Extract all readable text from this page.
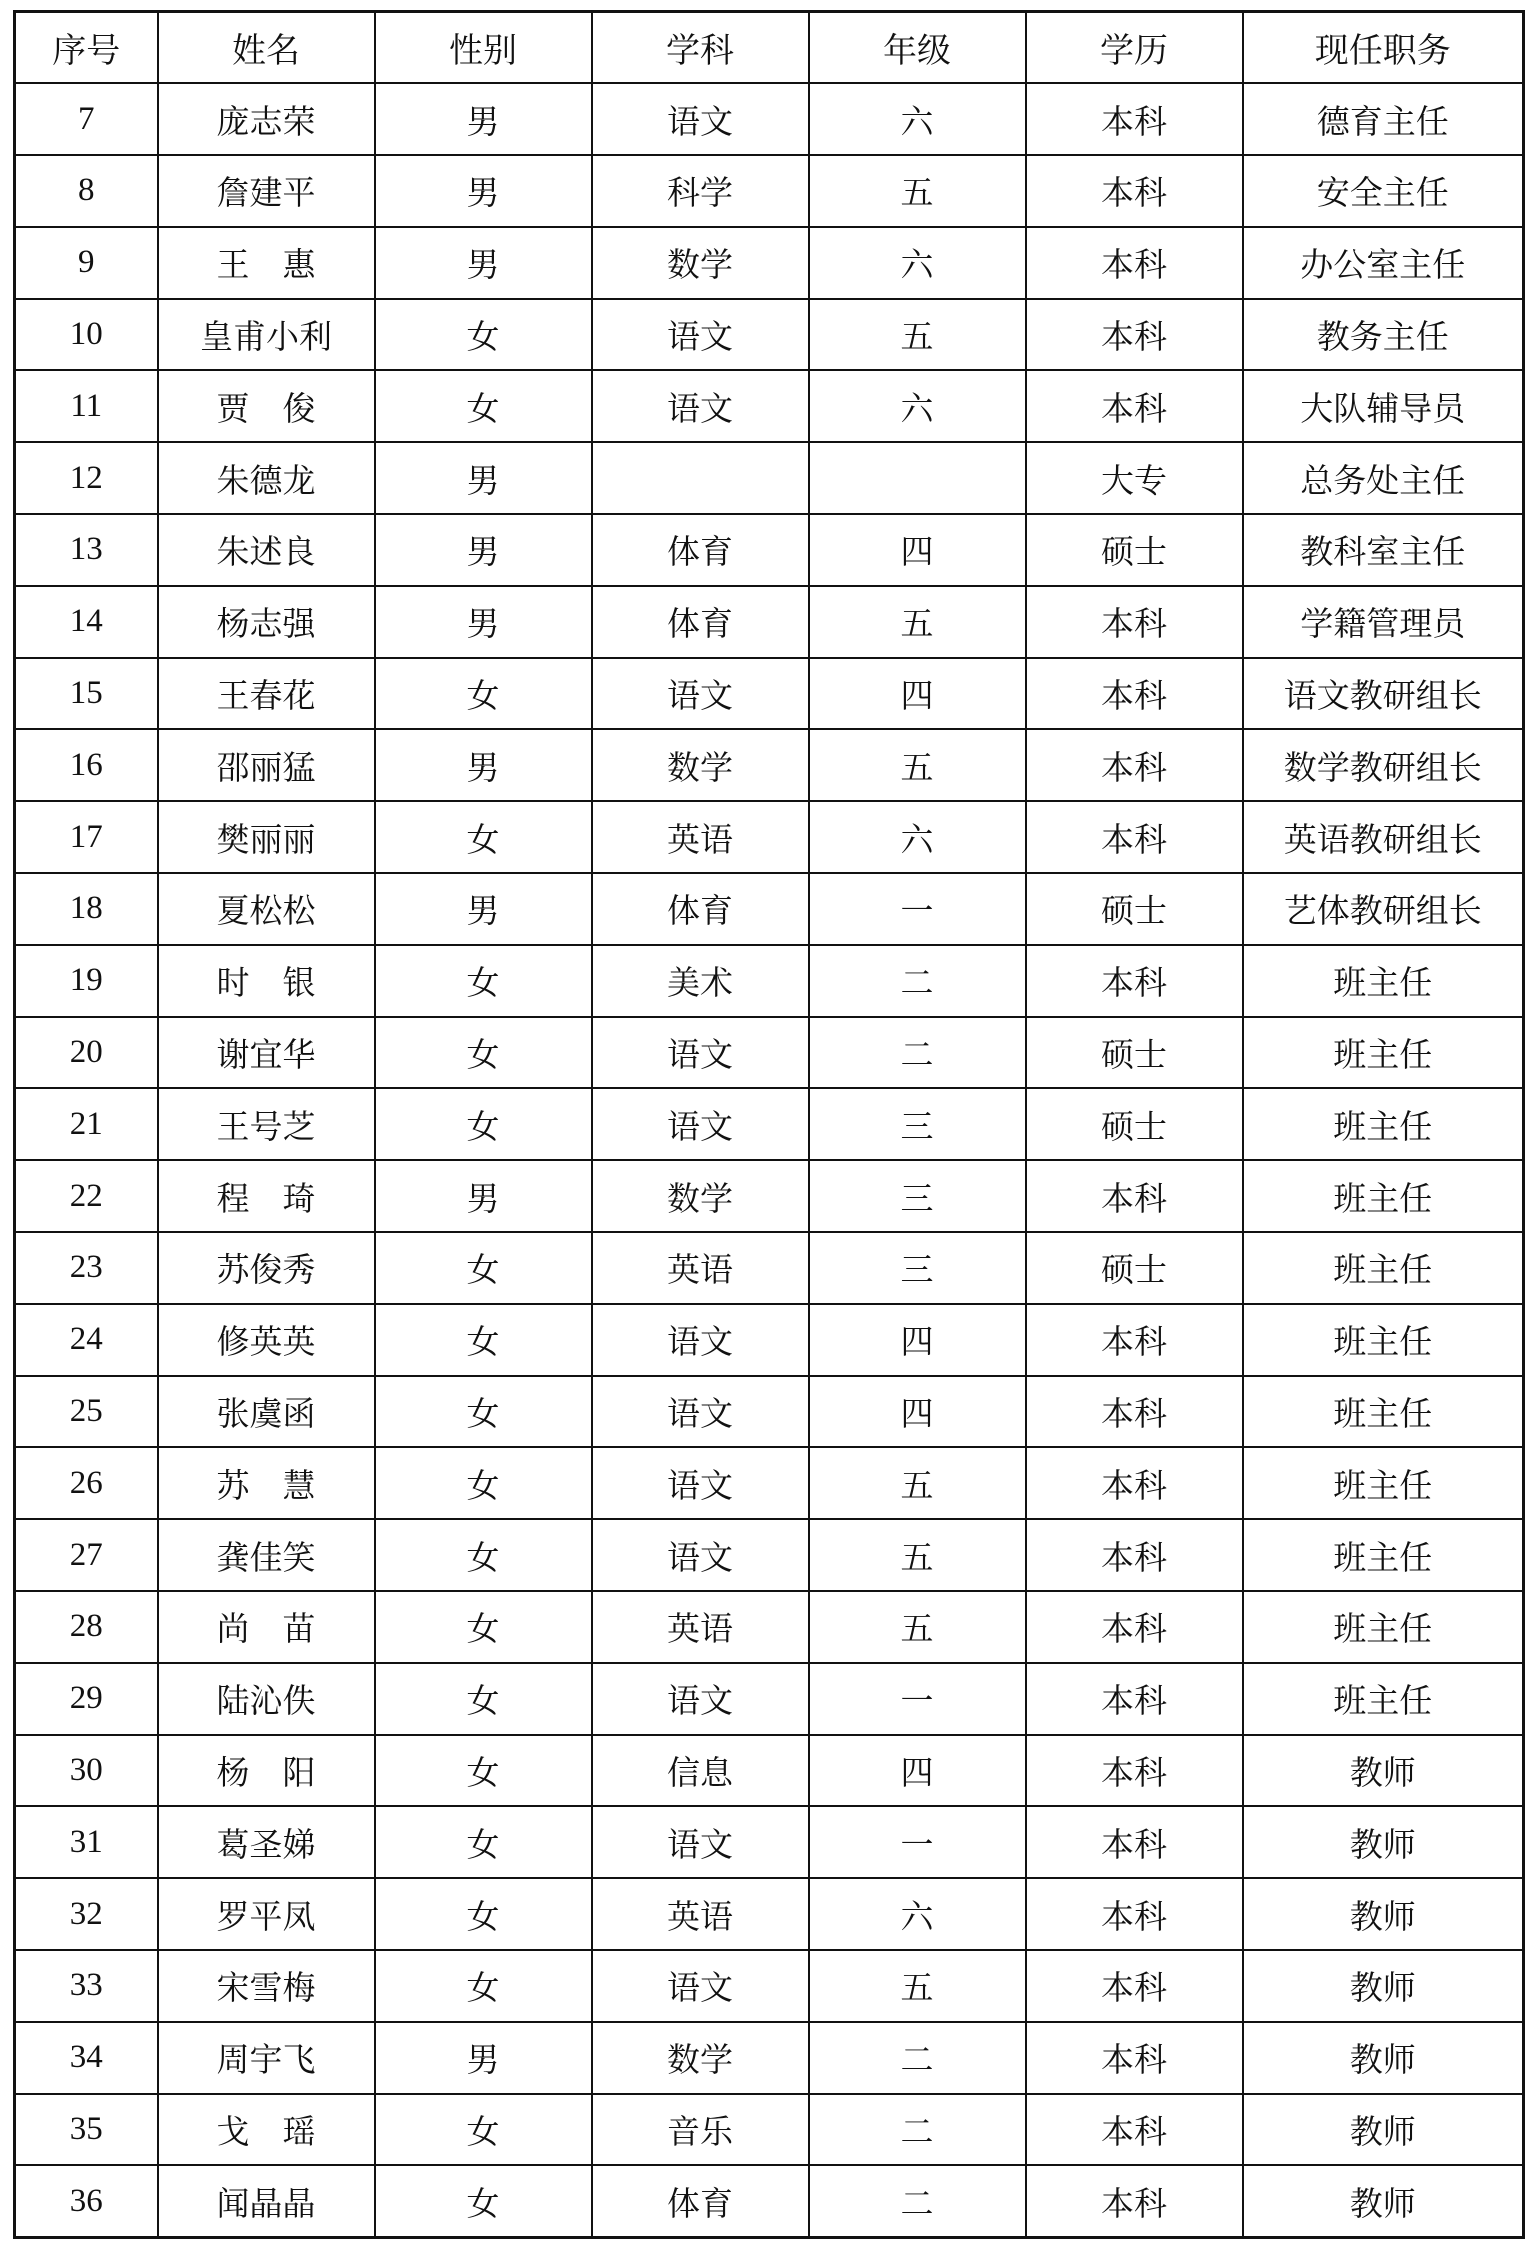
序号	姓名	性别	学科	年级	学历	现任职务
7	庞志荣	男	语文	六	本科	德育主任
8	詹建平	男	科学	五	本科	安全主任
9	王　惠	男	数学	六	本科	办公室主任
10	皇甫小利	女	语文	五	本科	教务主任
11	贾　俊	女	语文	六	本科	大队辅导员
12	朱德龙	男			大专	总务处主任
13	朱述良	男	体育	四	硕士	教科室主任
14	杨志强	男	体育	五	本科	学籍管理员
15	王春花	女	语文	四	本科	语文教研组长
16	邵丽猛	男	数学	五	本科	数学教研组长
17	樊丽丽	女	英语	六	本科	英语教研组长
18	夏松松	男	体育	一	硕士	艺体教研组长
19	时　银	女	美术	二	本科	班主任
20	谢宜华	女	语文	二	硕士	班主任
21	王号芝	女	语文	三	硕士	班主任
22	程　琦	男	数学	三	本科	班主任
23	苏俊秀	女	英语	三	硕士	班主任
24	修英英	女	语文	四	本科	班主任
25	张虞函	女	语文	四	本科	班主任
26	苏　慧	女	语文	五	本科	班主任
27	龚佳笑	女	语文	五	本科	班主任
28	尚　苗	女	英语	五	本科	班主任
29	陆沁佚	女	语文	一	本科	班主任
30	杨　阳	女	信息	四	本科	教师
31	葛圣娣	女	语文	一	本科	教师
32	罗平凤	女	英语	六	本科	教师
33	宋雪梅	女	语文	五	本科	教师
34	周宇飞	男	数学	二	本科	教师
35	戈　瑶	女	音乐	二	本科	教师
36	闻晶晶	女	体育	二	本科	教师
